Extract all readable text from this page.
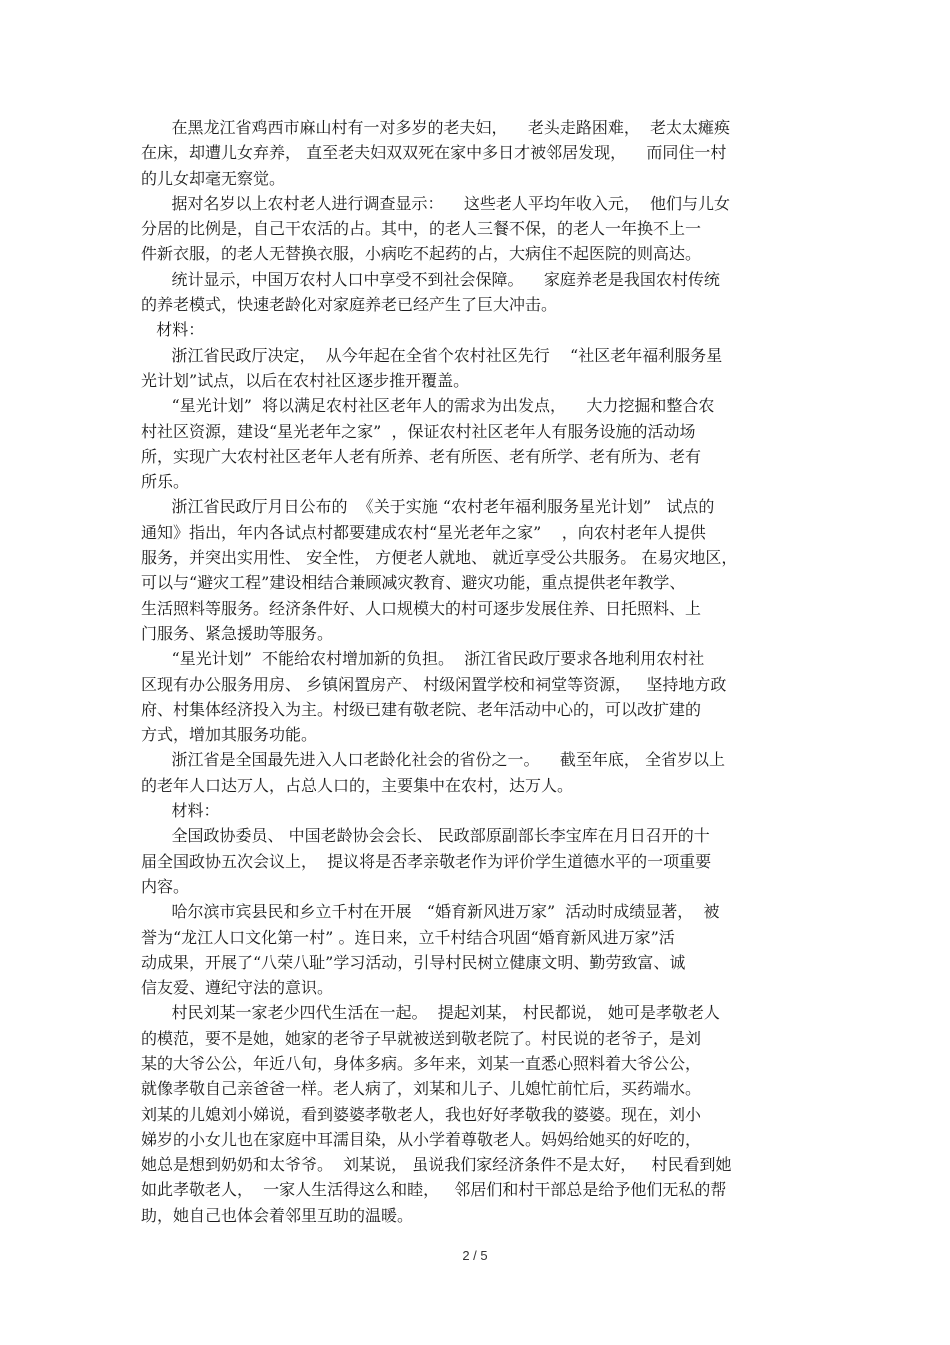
在黑龙江省鸡西市麻山村有一对多岁的老夫妇，    老头走路困难，  老太太瘫痪
在床，却遭儿女弃养， 直至老夫妇双双死在家中多日才被邻居发现，    而同住一村
的儿女却毫无察觉。
据对名岁以上农村老人进行调查显示：    这些老人平均年收入元，  他们与儿女
分居的比例是，自己干农活的占。其中，的老人三餐不保，的老人一年换不上一
件新衣服，的老人无替换衣服，小病吃不起药的占，大病住不起医院的则高达。
统计显示，中国万农村人口中享受不到社会保障。    家庭养老是我国农村传统
的养老模式，快速老龄化对家庭养老已经产生了巨大冲击。
材料：
浙江省民政厅决定，  从今年起在全省个农村社区先行    “社区老年福利服务星
光计划”试点，以后在农村社区逐步推开覆盖。
“星光计划”  将以满足农村社区老年人的需求为出发点，    大力挖掘和整合农
村社区资源，建设“星光老年之家”  ，保证农村社区老年人有服务设施的活动场
所，实现广大农村社区老年人老有所养、老有所医、老有所学、老有所为、老有
所乐。
浙江省民政厅月日公布的  《关于实施 “农村老年福利服务星光计划”   试点的
通知》指出，年内各试点村都要建成农村“星光老年之家”    ，向农村老年人提供
服务，并突出实用性、 安全性， 方便老人就地、 就近享受公共服务。 在易灾地区，
可以与“避灾工程”建设相结合兼顾减灾教育、避灾功能，重点提供老年教学、
生活照料等服务。经济条件好、人口规模大的村可逐步发展住养、日托照料、上
门服务、紧急援助等服务。
“星光计划”  不能给农村增加新的负担。  浙江省民政厅要求各地利用农村社
区现有办公服务用房、 乡镇闲置房产、 村级闲置学校和祠堂等资源，   坚持地方政
府、村集体经济投入为主。村级已建有敬老院、老年活动中心的，可以改扩建的
方式，增加其服务功能。
浙江省是全国最先进入人口老龄化社会的省份之一。    截至年底， 全省岁以上
的老年人口达万人，占总人口的，主要集中在农村，达万人。
材料：
全国政协委员、 中国老龄协会会长、 民政部原副部长李宝库在月日召开的十
届全国政协五次会议上，  提议将是否孝亲敬老作为评价学生道德水平的一项重要
内容。
哈尔滨市宾县民和乡立千村在开展   “婚育新风进万家”  活动时成绩显著，  被
誉为“龙江人口文化第一村” 。连日来，立千村结合巩固“婚育新风进万家”活
动成果，开展了“八荣八耻”学习活动，引导村民树立健康文明、勤劳致富、诚
信友爱、遵纪守法的意识。
村民刘某一家老少四代生活在一起。  提起刘某， 村民都说， 她可是孝敬老人
的模范，要不是她，她家的老爷子早就被送到敬老院了。村民说的老爷子，是刘
某的大爷公公，年近八旬，身体多病。多年来，刘某一直悉心照料着大爷公公，
就像孝敬自己亲爸爸一样。老人病了，刘某和儿子、儿媳忙前忙后，买药端水。
刘某的儿媳刘小娣说，看到婆婆孝敬老人，我也好好孝敬我的婆婆。现在，刘小
娣岁的小女儿也在家庭中耳濡目染，从小学着尊敬老人。妈妈给她买的好吃的，
她总是想到奶奶和太爷爷。  刘某说， 虽说我们家经济条件不是太好，   村民看到她
如此孝敬老人，  一家人生活得这么和睦，   邻居们和村干部总是给予他们无私的帮
助，她自己也体会着邻里互助的温暖。
2 / 5
